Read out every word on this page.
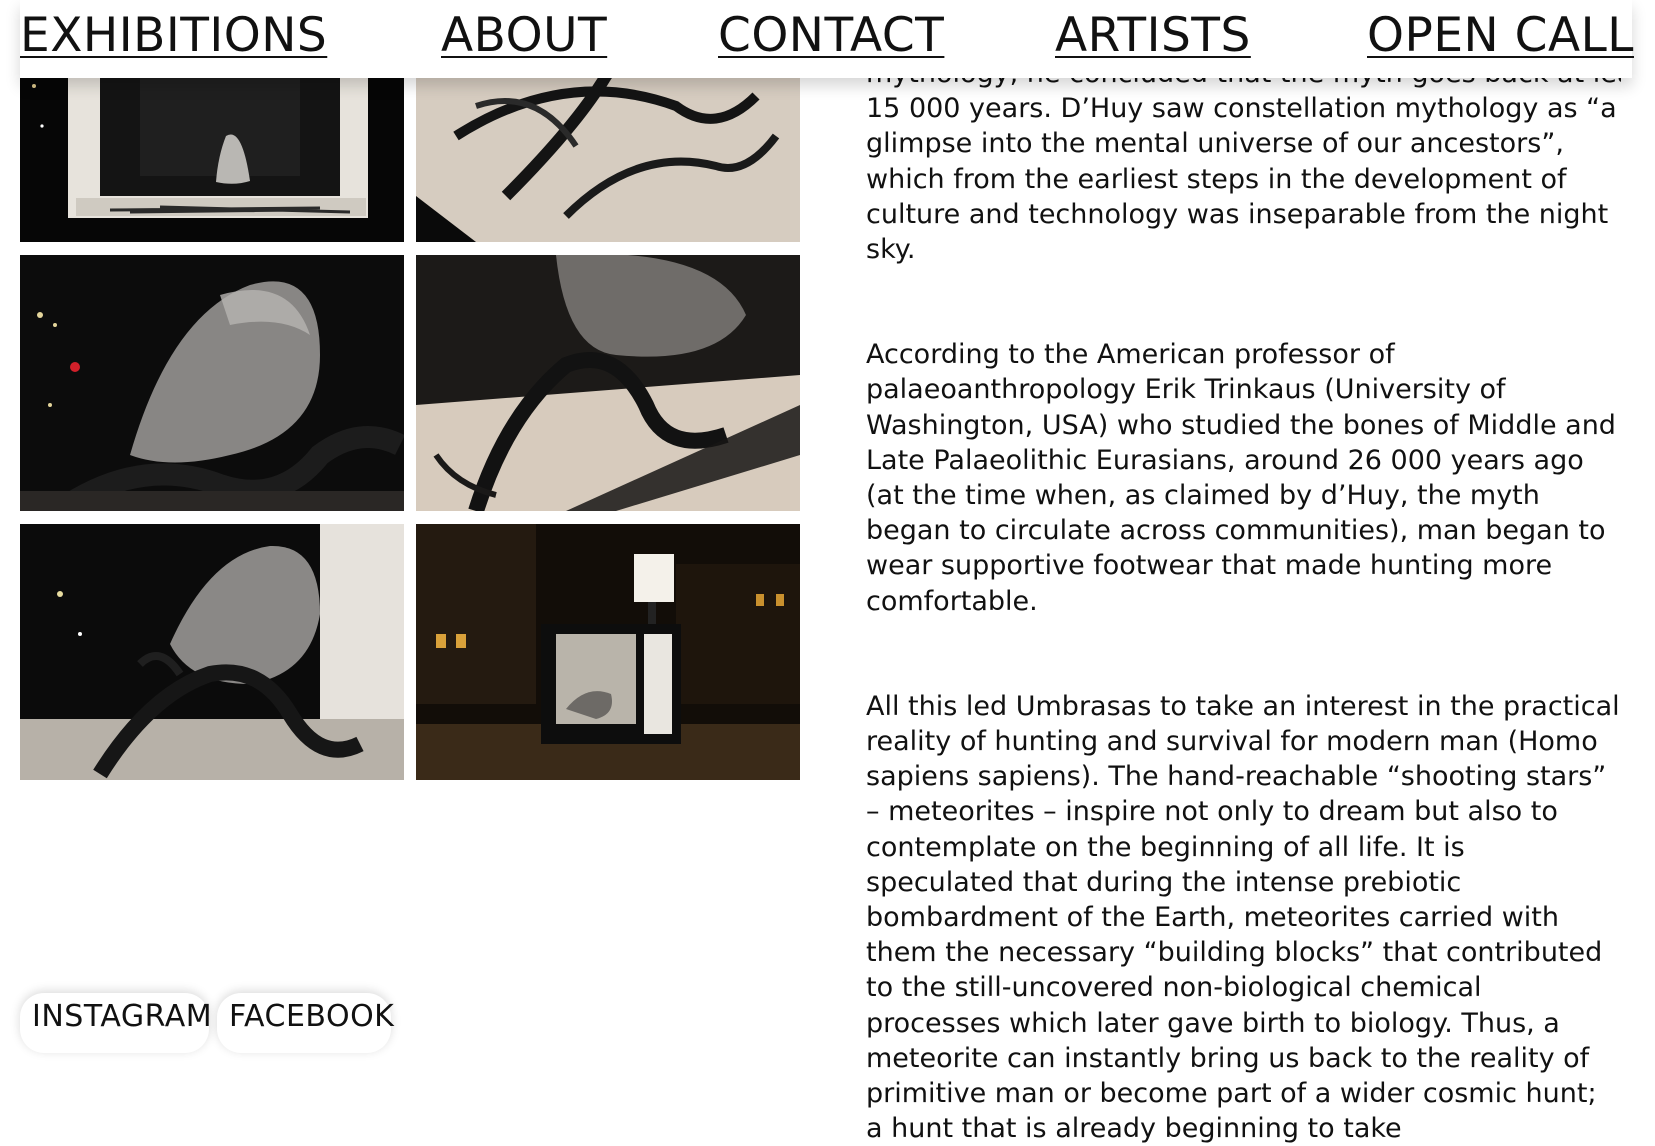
EXHIBITIONS ABOUT CONTACT ARTISTS OPEN CALL

15 000 years. D’Huy saw constellation mythology as “a glimpse into the mental universe of our ancestors”, which from the earliest steps in the development of culture and technology was inseparable from the night sky.

According to the American professor of palaeoanthropology Erik Trinkaus (University of Washington, USA) who studied the bones of Middle and Late Palaeolithic Eurasians, around 26 000 years ago (at the time when, as claimed by d’Huy, the myth began to circulate across communities), man began to wear supportive footwear that made hunting more comfortable.

All this led Umbrasas to take an interest in the practical reality of hunting and survival for modern man (Homo sapiens sapiens). The hand-reachable “shooting stars” – meteorites – inspire not only to dream but also to contemplate on the beginning of all life. It is speculated that during the intense prebiotic bombardment of the Earth, meteorites carried with them the necessary “building blocks” that contributed to the still-uncovered non-biological chemical processes which later gave birth to biology. Thus, a meteorite can instantly bring us back to the reality of primitive man or become part of a wider cosmic hunt; a hunt that is already beginning to take

INSTAGRAM FACEBOOK
